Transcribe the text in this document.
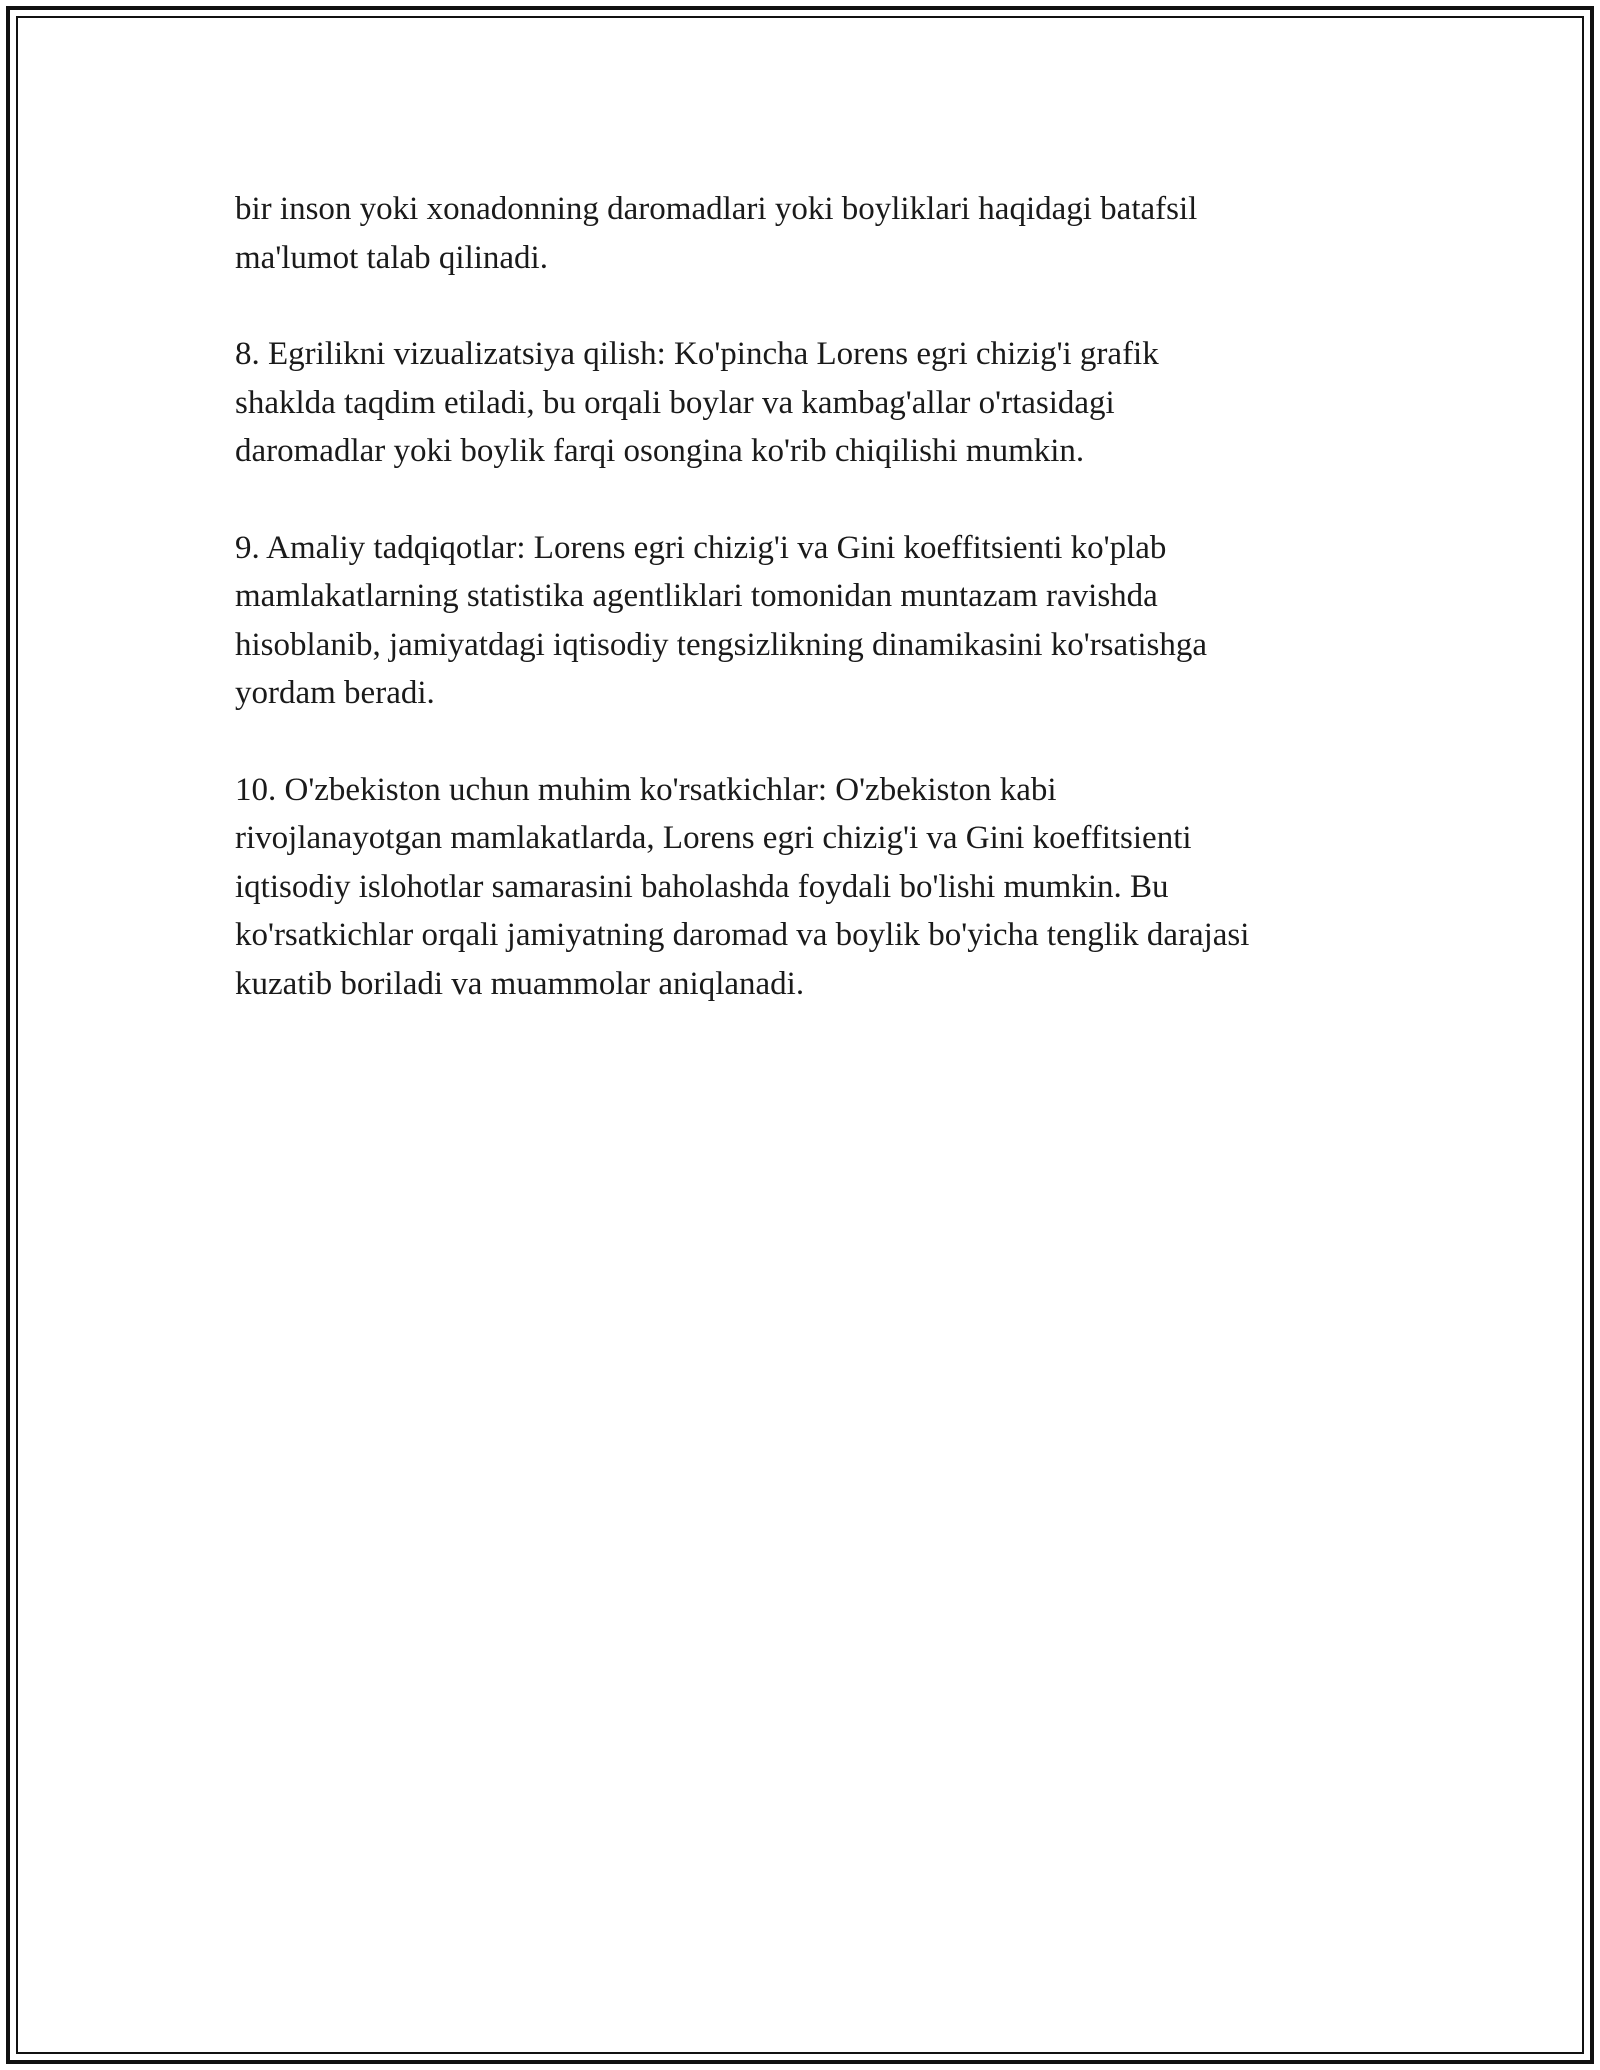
bir inson yoki xonadonning daromadlari yoki boyliklari haqidagi batafsil
ma'lumot talab qilinadi.

8. Egrilikni vizualizatsiya qilish: Ko'pincha Lorens egri chizig'i grafik
shaklda taqdim etiladi, bu orqali boylar va kambag'allar o'rtasidagi
daromadlar yoki boylik farqi osongina ko'rib chiqilishi mumkin.

9. Amaliy tadqiqotlar: Lorens egri chizig'i va Gini koeffitsienti ko'plab
mamlakatlarning statistika agentliklari tomonidan muntazam ravishda
hisoblanib, jamiyatdagi iqtisodiy tengsizlikning dinamikasini ko'rsatishga
yordam beradi.

10. O'zbekiston uchun muhim ko'rsatkichlar: O'zbekiston kabi
rivojlanayotgan mamlakatlarda, Lorens egri chizig'i va Gini koeffitsienti
iqtisodiy islohotlar samarasini baholashda foydali bo'lishi mumkin. Bu
ko'rsatkichlar orqali jamiyatning daromad va boylik bo'yicha tenglik darajasi
kuzatib boriladi va muammolar aniqlanadi.
